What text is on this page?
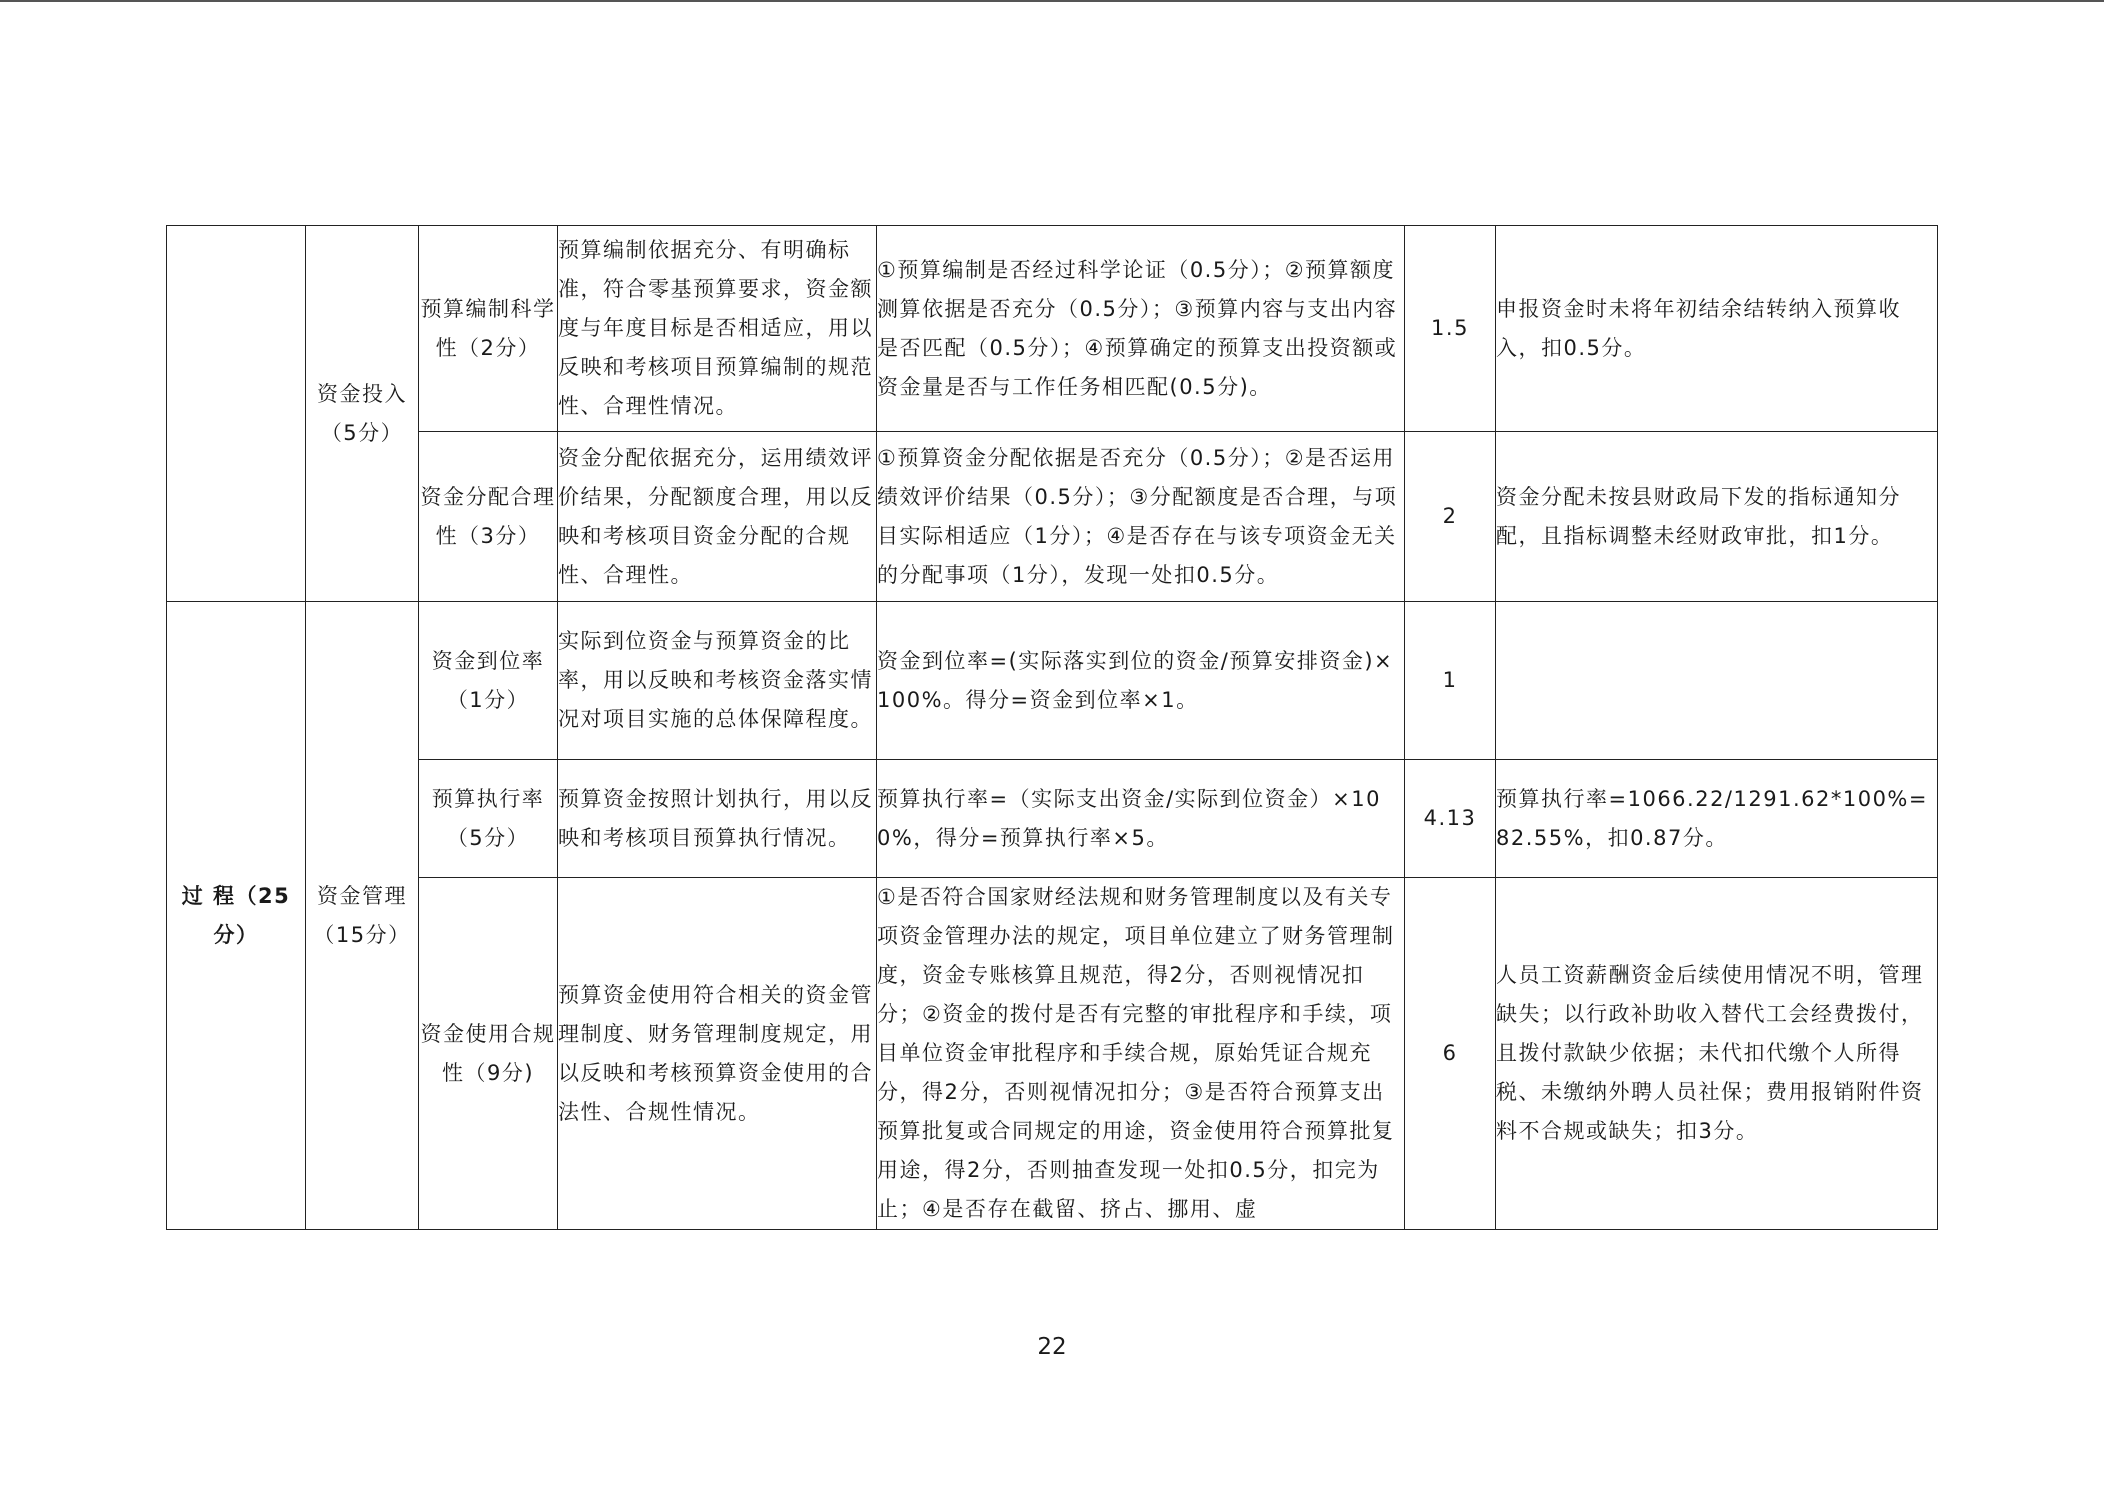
	资金投入（5分）	预算编制科学性（2分）	预算编制依据充分、有明确标准，符合零基预算要求，资金额度与年度目标是否相适应，用以反映和考核项目预算编制的规范性、合理性情况。	①预算编制是否经过科学论证（0.5分）；②预算额度测算依据是否充分（0.5分）；③预算内容与支出内容是否匹配（0.5分）；④预算确定的预算支出投资额或资金量是否与工作任务相匹配(0.5分)。	1.5	申报资金时未将年初结余结转纳入预算收入，扣0.5分。
		资金分配合理性（3分）	资金分配依据充分，运用绩效评价结果，分配额度合理，用以反映和考核项目资金分配的合规性、合理性。	①预算资金分配依据是否充分（0.5分）；②是否运用绩效评价结果（0.5分）；③分配额度是否合理，与项目实际相适应（1分）；④是否存在与该专项资金无关的分配事项（1分），发现一处扣0.5分。	2	资金分配未按县财政局下发的指标通知分配，且指标调整未经财政审批，扣1分。
过 程（25分）	资金管理（15分）	资金到位率（1分）	实际到位资金与预算资金的比率，用以反映和考核资金落实情况对项目实施的总体保障程度。	资金到位率=(实际落实到位的资金/预算安排资金)×100%。得分=资金到位率×1。	1	
		预算执行率（5分）	预算资金按照计划执行，用以反映和考核项目预算执行情况。	预算执行率=（实际支出资金/实际到位资金）×100%，得分=预算执行率×5。	4.13	预算执行率=1066.22/1291.62*100%=82.55%，扣0.87分。
		资金使用合规性（9分)	预算资金使用符合相关的资金管理制度、财务管理制度规定，用以反映和考核预算资金使用的合法性、合规性情况。	①是否符合国家财经法规和财务管理制度以及有关专项资金管理办法的规定，项目单位建立了财务管理制度，资金专账核算且规范，得2分，否则视情况扣分；②资金的拨付是否有完整的审批程序和手续，项目单位资金审批程序和手续合规，原始凭证合规充分，得2分，否则视情况扣分；③是否符合预算支出预算批复或合同规定的用途，资金使用符合预算批复用途，得2分，否则抽查发现一处扣0.5分，扣完为止；④是否存在截留、挤占、挪用、虚	6	人员工资薪酬资金后续使用情况不明，管理缺失；以行政补助收入替代工会经费拨付，且拨付款缺少依据；未代扣代缴个人所得税、未缴纳外聘人员社保；费用报销附件资料不合规或缺失；扣3分。
22
